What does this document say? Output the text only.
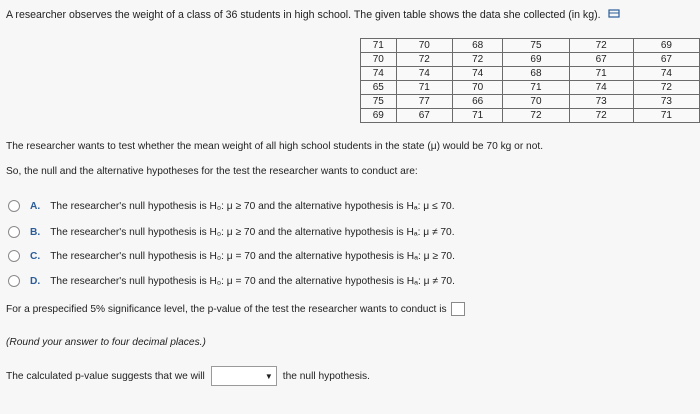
A researcher observes the weight of a class of 36 students in high school. The given table shows the data she collected (in kg).
71	70	68	75	72	69
70	72	72	69	67	67
74	74	74	68	71	74
65	71	70	71	74	72
75	77	66	70	73	73
69	67	71	72	72	71
The researcher wants to test whether the mean weight of all high school students in the state (μ) would be 70 kg or not.
So, the null and the alternative hypotheses for the test the researcher wants to conduct are:
A. The researcher's null hypothesis is H₀: μ ≥ 70 and the alternative hypothesis is Hₐ: μ ≤ 70.
B. The researcher's null hypothesis is H₀: μ ≥ 70 and the alternative hypothesis is Hₐ: μ ≠ 70.
C. The researcher's null hypothesis is H₀: μ = 70 and the alternative hypothesis is Hₐ: μ ≥ 70.
D. The researcher's null hypothesis is H₀: μ = 70 and the alternative hypothesis is Hₐ: μ ≠ 70.
For a prespecified 5% significance level, the p-value of the test the researcher wants to conduct is
(Round your answer to four decimal places.)
The calculated p-value suggests that we will	▼ the null hypothesis.
